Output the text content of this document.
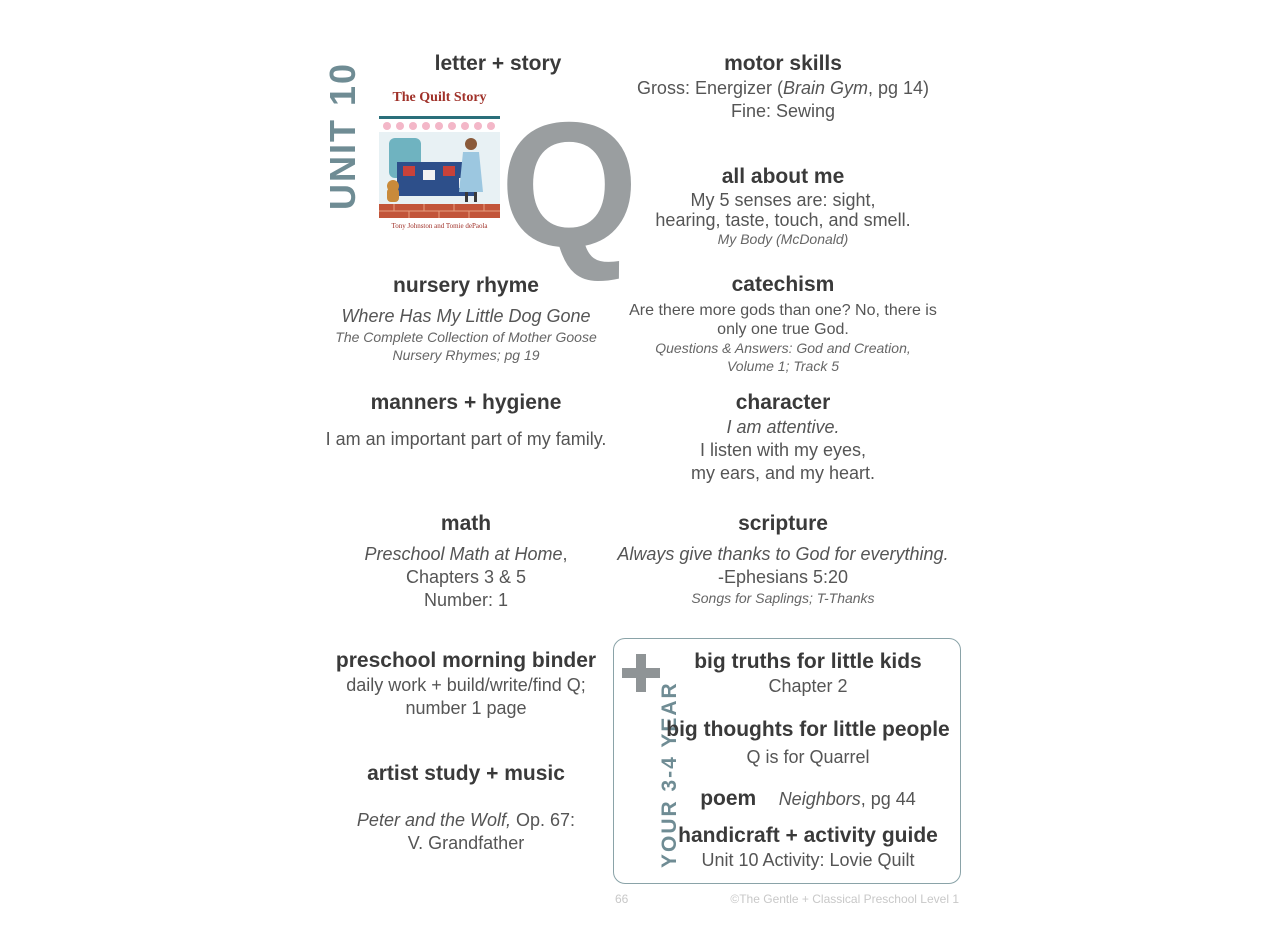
UNIT 10	The Quilt Story
Tony Johnston and Tomie dePaola Q
letter + story	motor skills
Gross: Energizer (Brain Gym, pg 14)
Fine: Sewing
all about me
My 5 senses are: sight,
hearing, taste, touch, and smell.
My Body (McDonald)
nursery rhyme
Where Has My Little Dog Gone
The Complete Collection of Mother Goose
Nursery Rhymes; pg 19
catechism
Are there more gods than one? No, there is
only one true God.
Questions & Answers: God and Creation,
Volume 1; Track 5
manners + hygiene
I am an important part of my family.
character
I am attentive.
I listen with my eyes,
my ears, and my heart.
math
Preschool Math at Home,
Chapters 3 & 5
Number: 1
scripture
Always give thanks to God for everything.
-Ephesians 5:20
Songs for Saplings; T-Thanks
preschool morning binder
daily work + build/write/find Q;
number 1 page
artist study + music
Peter and the Wolf, Op. 67:
V. Grandfather	YOUR 3-4 YEAR
big truths for little kids
Chapter 2
big thoughts for little people
Q is for Quarrel
poem Neighbors, pg 44
handicraft + activity guide
Unit 10 Activity: Lovie Quilt
66	©The Gentle + Classical Preschool Level 1
